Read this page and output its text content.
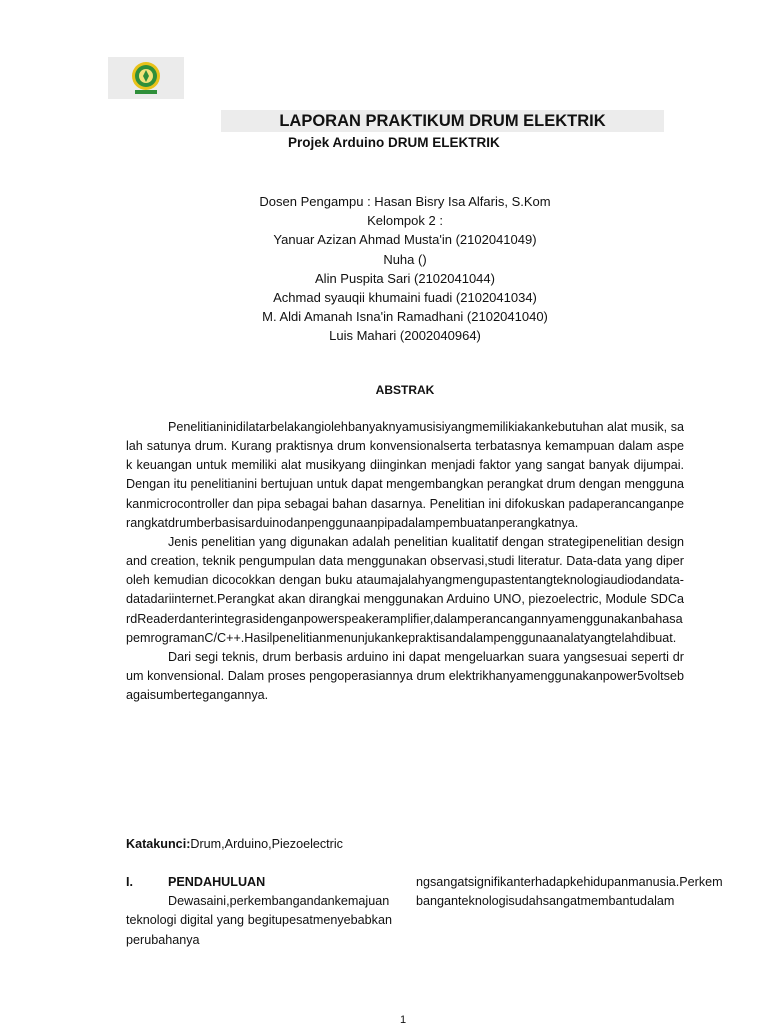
LAPORAN PRAKTIKUM DRUM ELEKTRIK
Projek Arduino DRUM ELEKTRIK
Dosen Pengampu : Hasan Bisry Isa Alfaris, S.Kom
Kelompok 2 :
Yanuar Azizan Ahmad Musta'in (2102041049)
Nuha ()
Alin Puspita Sari (2102041044)
Achmad syauqii khumaini fuadi (2102041034)
M. Aldi Amanah Isna'in Ramadhani (2102041040)
Luis Mahari (2002040964)
ABSTRAK

Penelitianinidilatarbelakangiolehbanyaknyamusisiyangmemilikiakankebutuhan alat musik, salah satunya drum. Kurang praktisnya drum konvensionalserta terbatasnya kemampuan dalam aspek keuangan untuk memiliki alat musikyang diinginkan menjadi faktor yang sangat banyak dijumpai. Dengan itu penelitianini bertujuan untuk dapat mengembangkan perangkat drum dengan menggunakanmicrocontroller dan pipa sebagai bahan dasarnya. Penelitian ini difokuskan padaperancanganperangkatdrumberbasisarduinodanpenggunaanpipadalampembuatanperangkatnya.

Jenis penelitian yang digunakan adalah penelitian kualitatif dengan strategipenelitian design and creation, teknik pengumpulan data menggunakan observasi,studi literatur. Data-data yang diperoleh kemudian dicocokkan dengan buku ataumajalahyangmengupastentangteknologiaudiodandata-datadariinternet.Perangkat akan dirangkai menggunakan Arduino UNO, piezoelectric, Module SDCardReaderdanterintegrasidenganpowerspeakeramplifier,dalamperancangannyamenggunakanbahasapemrogramanC/C++.Hasilpenelitianmenunjukankepraktisandalampenggunaanalatyangtelahdibuat.

Dari segi teknis, drum berbasis arduino ini dapat mengeluarkan suara yangsesuai seperti drum konvensional. Dalam proses pengoperasiannya drum elektrikhanyamenggunakanpower5voltsebagaisumbertegangannya.

Katakunci:Drum,Arduino,Piezoelectric
I.	PENDAHULUAN

Dewasaini,perkembangandankemajuan teknologi digital yang begitupesatmenyebabkanperubahanya

ngsangatsignifikanterhadapkehidupanmanusia.Perkembanganteknologisudahsangatmembantudalam

1
